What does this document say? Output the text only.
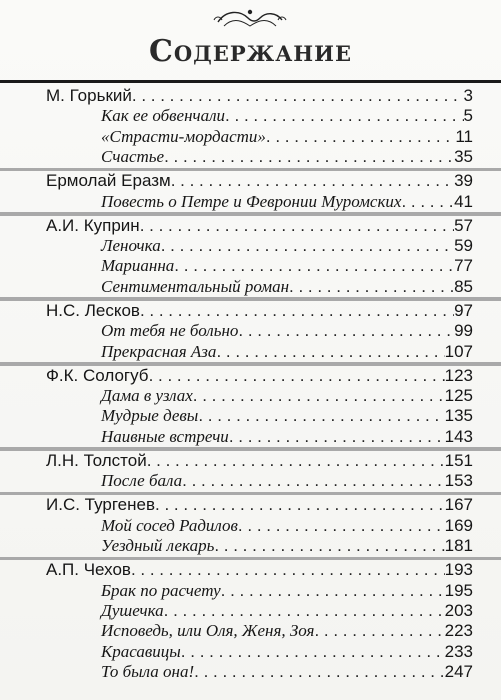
Содержание
М. Горький . . .	3
Как ее обвенчали . . .	5
«Страсти-мордасти» . . .	11
Счастье . . .	35
Ермолай Еразм . . .	39
Повесть о Петре и Февронии Муромских . . .	41
А.И. Куприн . . .	57
Леночка . . .	59
Марианна . . .	77
Сентиментальный роман . . .	85
Н.С. Лесков . . .	97
От тебя не больно . . .	99
Прекрасная Аза . . .	107
Ф.К. Сологуб . . .	123
Дама в узлах . . .	125
Мудрые девы . . .	135
Наивные встречи . . .	143
Л.Н. Толстой . . .	151
После бала . . .	153
И.С. Тургенев . . .	167
Мой сосед Радилов . . .	169
Уездный лекарь . . .	181
А.П. Чехов . . .	193
Брак по расчету . . .	195
Душечка . . .	203
Исповедь, или Оля, Женя, Зоя . . .	223
Красавицы . . .	233
То была она! . . .	247
